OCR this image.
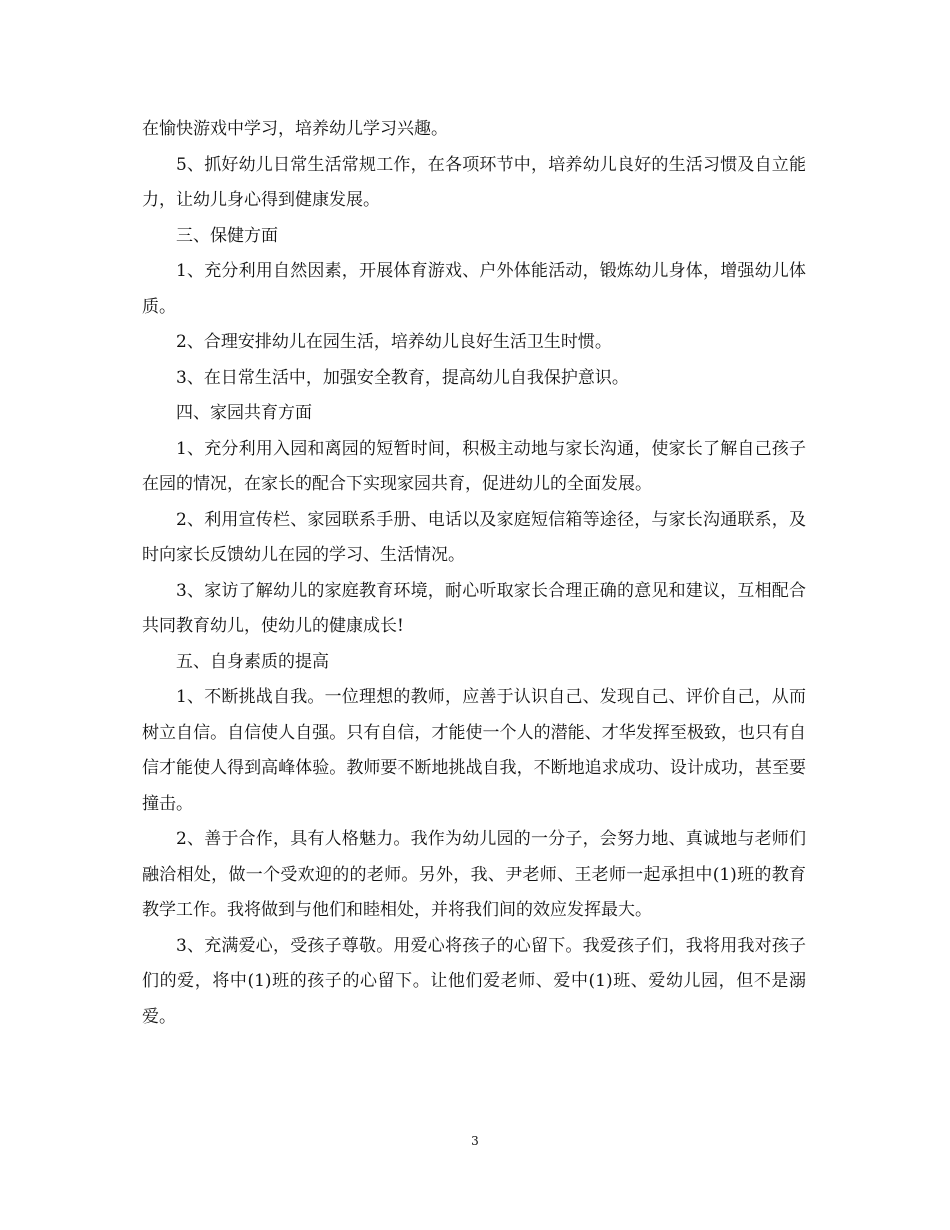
在愉快游戏中学习，培养幼儿学习兴趣。

5、抓好幼儿日常生活常规工作，在各项环节中，培养幼儿良好的生活习惯及自立能力，让幼儿身心得到健康发展。

三、保健方面

1、充分利用自然因素，开展体育游戏、户外体能活动，锻炼幼儿身体，增强幼儿体质。

2、合理安排幼儿在园生活，培养幼儿良好生活卫生时惯。

3、在日常生活中，加强安全教育，提高幼儿自我保护意识。

四、家园共育方面

1、充分利用入园和离园的短暂时间，积极主动地与家长沟通，使家长了解自己孩子在园的情况，在家长的配合下实现家园共育，促进幼儿的全面发展。

2、利用宣传栏、家园联系手册、电话以及家庭短信箱等途径，与家长沟通联系，及时向家长反馈幼儿在园的学习、生活情况。

3、家访了解幼儿的家庭教育环境，耐心听取家长合理正确的意见和建议，互相配合共同教育幼儿，使幼儿的健康成长!

五、自身素质的提高

1、不断挑战自我。一位理想的教师，应善于认识自己、发现自己、评价自己，从而树立自信。自信使人自强。只有自信，才能使一个人的潜能、才华发挥至极致，也只有自信才能使人得到高峰体验。教师要不断地挑战自我，不断地追求成功、设计成功，甚至要撞击。

2、善于合作，具有人格魅力。我作为幼儿园的一分子，会努力地、真诚地与老师们融洽相处，做一个受欢迎的的老师。另外，我、尹老师、王老师一起承担中(1)班的教育教学工作。我将做到与他们和睦相处，并将我们间的效应发挥最大。

3、充满爱心，受孩子尊敬。用爱心将孩子的心留下。我爱孩子们，我将用我对孩子们的爱，将中(1)班的孩子的心留下。让他们爱老师、爱中(1)班、爱幼儿园，但不是溺爱。

3
